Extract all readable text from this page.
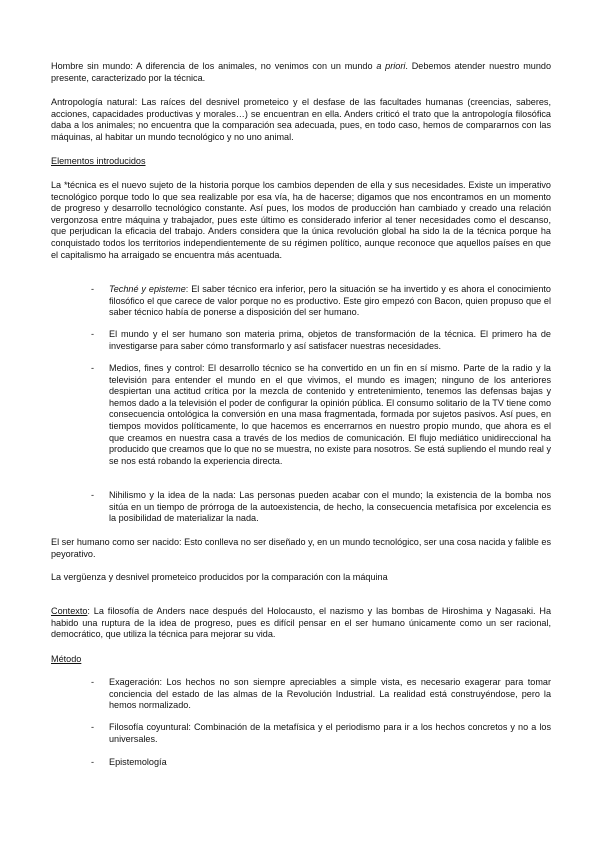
Hombre sin mundo: A diferencia de los animales, no venimos con un mundo a priori. Debemos atender nuestro mundo presente, caracterizado por la técnica.

Antropología natural: Las raíces del desnivel prometeico y el desfase de las facultades humanas (creencias, saberes, acciones, capacidades productivas y morales…) se encuentran en ella. Anders criticó el trato que la antropología filosófica daba a los animales; no encuentra que la comparación sea adecuada, pues, en todo caso, hemos de compararnos con las máquinas, al habitar un mundo tecnológico y no uno animal.

Elementos introducidos

La *técnica es el nuevo sujeto de la historia porque los cambios dependen de ella y sus necesidades. Existe un imperativo tecnológico porque todo lo que sea realizable por esa vía, ha de hacerse; digamos que nos encontramos en un momento de progreso y desarrollo tecnológico constante. Así pues, los modos de producción han cambiado y creado una relación vergonzosa entre máquina y trabajador, pues este último es considerado inferior al tener necesidades como el descanso, que perjudican la eficacia del trabajo. Anders considera que la única revolución global ha sido la de la técnica porque ha conquistado todos los territorios independientemente de su régimen político, aunque reconoce que aquellos países en que el capitalismo ha arraigado se encuentra más acentuada.

- Techné y episteme: El saber técnico era inferior, pero la situación se ha invertido y es ahora el conocimiento filosófico el que carece de valor porque no es productivo. Este giro empezó con Bacon, quien propuso que el saber técnico había de ponerse a disposición del ser humano.

- El mundo y el ser humano son materia prima, objetos de transformación de la técnica. El primero ha de investigarse para saber cómo transformarlo y así satisfacer nuestras necesidades.

- Medios, fines y control: El desarrollo técnico se ha convertido en un fin en sí mismo. Parte de la radio y la televisión para entender el mundo en el que vivimos, el mundo es imagen; ninguno de los anteriores despiertan una actitud crítica por la mezcla de contenido y entretenimiento, tenemos las defensas bajas y hemos dado a la televisión el poder de configurar la opinión pública. El consumo solitario de la TV tiene como consecuencia ontológica la conversión en una masa fragmentada, formada por sujetos pasivos. Así pues, en tiempos movidos políticamente, lo que hacemos es encerrarnos en nuestro propio mundo, que ahora es el que creamos en nuestra casa a través de los medios de comunicación. El flujo mediático unidireccional ha producido que creamos que lo que no se muestra, no existe para nosotros. Se está supliendo el mundo real y se nos está robando la experiencia directa.

- Nihilismo y la idea de la nada: Las personas pueden acabar con el mundo; la existencia de la bomba nos sitúa en un tiempo de prórroga de la autoexistencia, de hecho, la consecuencia metafísica por excelencia es la posibilidad de materializar la nada.

El ser humano como ser nacido: Esto conlleva no ser diseñado y, en un mundo tecnológico, ser una cosa nacida y falible es peyorativo.

La vergüenza y desnivel prometeico producidos por la comparación con la máquina

Contexto: La filosofía de Anders nace después del Holocausto, el nazismo y las bombas de Hiroshima y Nagasaki. Ha habido una ruptura de la idea de progreso, pues es difícil pensar en el ser humano únicamente como un ser racional, democrático, que utiliza la técnica para mejorar su vida.

Método

- Exageración: Los hechos no son siempre apreciables a simple vista, es necesario exagerar para tomar conciencia del estado de las almas de la Revolución Industrial. La realidad está construyéndose, pero la hemos normalizado.

- Filosofía coyuntural: Combinación de la metafísica y el periodismo para ir a los hechos concretos y no a los universales.

- Epistemología
